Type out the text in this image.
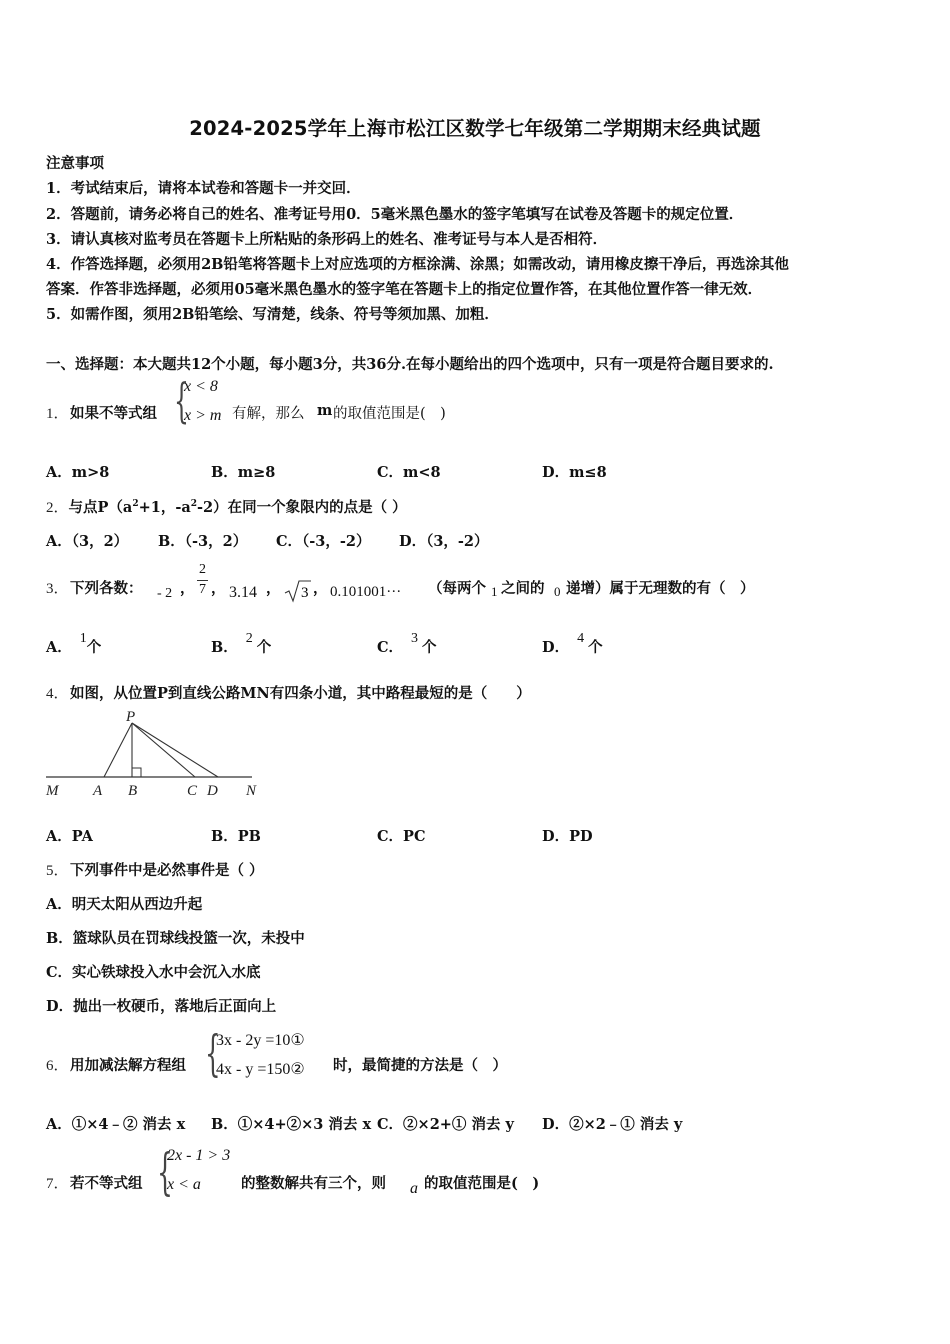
2024-2025学年上海市松江区数学七年级第二学期期末经典试题
注意事项
1．考试结束后，请将本试卷和答题卡一并交回．
2．答题前，请务必将自己的姓名、准考证号用0．5毫米黑色墨水的签字笔填写在试卷及答题卡的规定位置．
3．请认真核对监考员在答题卡上所粘贴的条形码上的姓名、准考证号与本人是否相符．
4．作答选择题，必须用2B铅笔将答题卡上对应选项的方框涂满、涂黑；如需改动，请用橡皮擦干净后，再选涂其他
答案．作答非选择题，必须用05毫米黑色墨水的签字笔在答题卡上的指定位置作答，在其他位置作答一律无效．
5．如需作图，须用2B铅笔绘、写清楚，线条、符号等须加黑、加粗．
一、选择题：本大题共12个小题，每小题3分，共36分.在每小题给出的四个选项中，只有一项是符合题目要求的.
1． 如果不等式组 {
x < 8
x > m 有解，那么 m 的取值范围是(　)
A．m>8	B．m≥8	C．m<8	D．m≤8
2．与点$P(a^2+1$，$-a^2-2$）在同一个象限内的点是（ ）
A．（3，2） B．（-3，2） C．（-3，-2） D．（3，-2）
3． 下列各数： - 2 ，
2
7 ， 3.14 ， 3 ， 0.101001··· （每两个 1 之间的 0 递增）属于无理数的有（　）
A．1个	B．2个	C．3个	D．4个
4． 如图，从位置P到直线公路MN有四条小道，其中路程最短的是（　　）
P
M A B	C D N
A．PA	B．PB	C．PC	D．PD
5． 下列事件中是必然事件是（ ）
A．明天太阳从西边升起
B．篮球队员在罚球线投篮一次，未投中
C．实心铁球投入水中会沉入水底
D．抛出一枚硬币，落地后正面向上
6． 用加减法解方程组 {
3x - 2y =10①
4x - y =150② 时，最简捷的方法是（　）
A．①×4﹣② 消去 x B．①×4+②×3 消去 x C．②×2+① 消去 y D．②×2﹣① 消去 y
7． 若不等式组 {
2x - 1 > 3
x < a	的整数解共有三个，则 a 的取值范围是(　)
